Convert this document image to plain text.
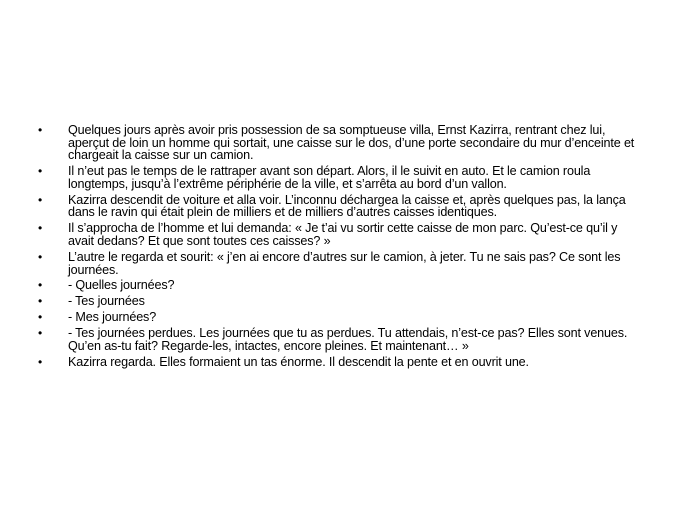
•	Quelques jours après avoir pris possession de sa somptueuse villa, Ernst Kazirra, rentrant chez lui, aperçut de loin un homme qui sortait, une caisse sur le dos, d’une porte secondaire du mur d’enceinte et chargeait la caisse sur un camion.
•	Il n’eut pas le temps de le rattraper avant son départ. Alors, il le suivit en auto. Et le camion roula longtemps, jusqu’à l’extrême périphérie de la ville, et s’arrêta au bord d’un vallon.
•	Kazirra descendit de voiture et alla voir. L’inconnu déchargea la caisse et, après quelques pas, la lança dans le ravin qui était plein de milliers et de milliers d’autres caisses identiques.
•	Il s’approcha de l’homme et lui demanda: « Je t’ai vu sortir cette caisse de mon parc. Qu’est-ce qu’il y avait dedans? Et que sont toutes ces caisses? »
•	L’autre le regarda et sourit: « j’en ai encore d’autres sur le camion, à jeter. Tu ne sais pas? Ce sont les journées.
•	- Quelles journées?
•	- Tes journées
•	- Mes journées?
•	- Tes journées perdues. Les journées que tu as perdues. Tu attendais, n’est-ce pas? Elles sont venues. Qu’en as-tu fait? Regarde-les, intactes, encore pleines. Et maintenant… »
•	Kazirra regarda. Elles formaient un tas énorme. Il descendit la pente et en ouvrit une.
